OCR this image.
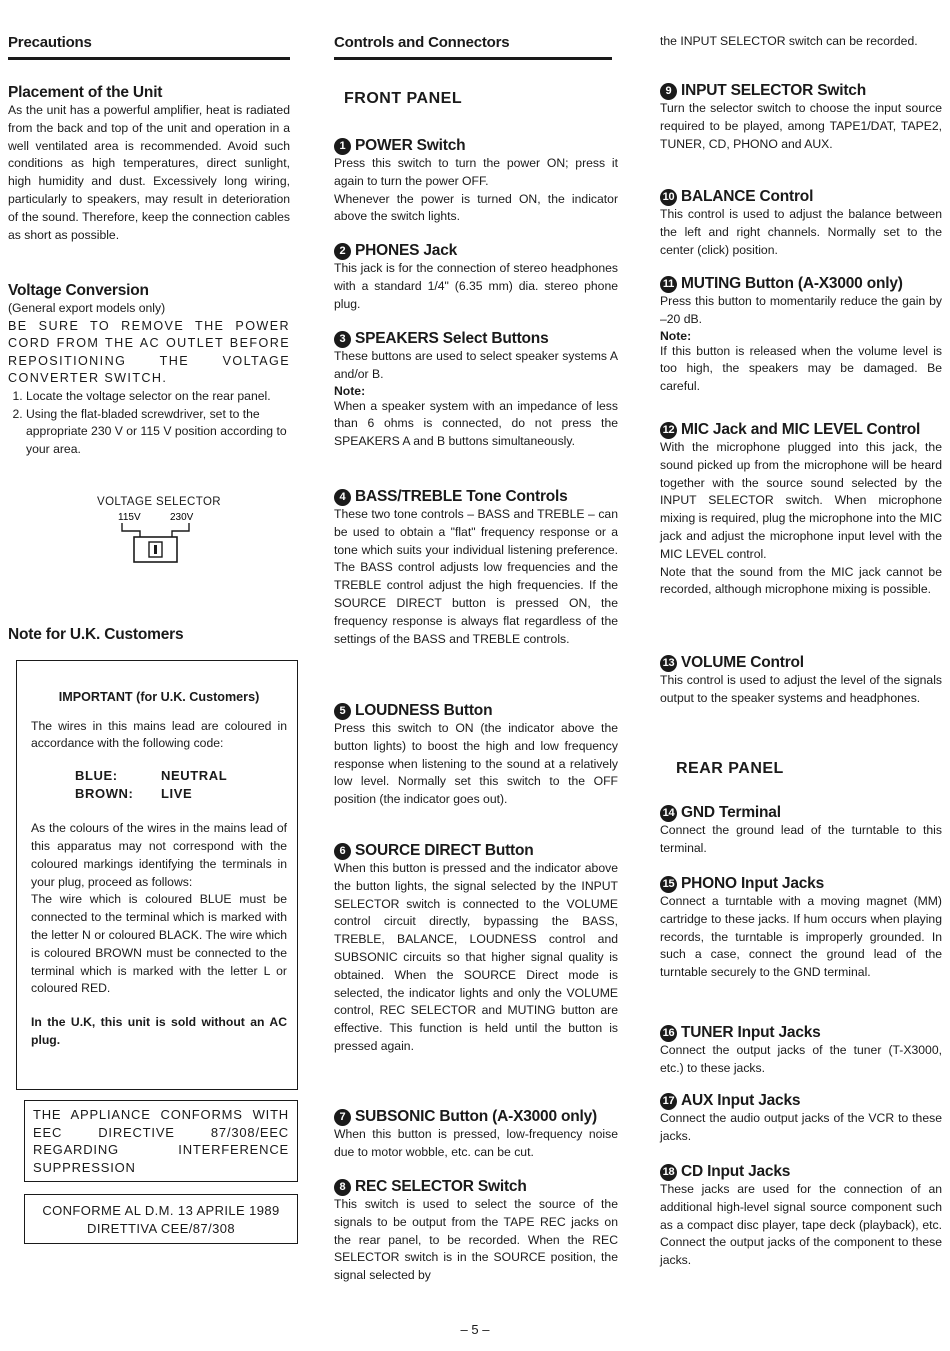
Precautions	Controls and Connectors

Placement of the Unit

As the unit has a powerful amplifier, heat is radiated from the back and top of the unit and operation in a well ventilated area is recommended. Avoid such conditions as high temperatures, direct sunlight, high humidity and dust. Excessively long wiring, particularly to speakers, may result in deterioration of the sound. Therefore, keep the connection cables as short as possible.

Voltage Conversion

(General export models only)

BE SURE TO REMOVE THE POWER CORD FROM THE AC OUTLET BEFORE REPOSITIONING THE VOLTAGE CONVERTER SWITCH.

1. Locate the voltage selector on the rear panel.
2. Using the flat-bladed screwdriver, set to the appropriate 230 V or 115 V position according to your area.
VOLTAGE SELECTOR
115V	230V

Note for U.K. Customers

IMPORTANT (for U.K. Customers)

The wires in this mains lead are coloured in accordance with the following code:

BLUE:	NEUTRAL
BROWN: LIVE

As the colours of the wires in the mains lead of this apparatus may not correspond with the coloured markings identifying the terminals in your plug, proceed as follows:

The wire which is coloured BLUE must be connected to the terminal which is marked with the letter N or coloured BLACK. The wire which is coloured BROWN must be connected to the terminal which is marked with the letter L or coloured RED.

In the U.K, this unit is sold without an AC plug.

THE APPLIANCE CONFORMS WITH EEC DIRECTIVE 87/308/EEC REGARDING INTERFERENCE SUPPRESSION

CONFORME AL D.M. 13 APRILE 1989

DIRETTIVA CEE/87/308

FRONT PANEL

1 POWER Switch

Press this switch to turn the power ON; press it again to turn the power OFF.

Whenever the power is turned ON, the indicator above the switch lights.

2 PHONES Jack

This jack is for the connection of stereo headphones with a standard 1/4" (6.35 mm) dia. stereo phone plug.

3 SPEAKERS Select Buttons

These buttons are used to select speaker systems A and/or B.

Note:

When a speaker system with an impedance of less than 6 ohms is connected, do not press the SPEAKERS A and B buttons simultaneously.

4 BASS/TREBLE Tone Controls

These two tone controls – BASS and TREBLE – can be used to obtain a "flat" frequency response or a tone which suits your individual listening preference. The BASS control adjusts low frequencies and the TREBLE control adjust the high frequencies. If the SOURCE DIRECT button is pressed ON, the frequency response is always flat regardless of the settings of the BASS and TREBLE controls.

5 LOUDNESS Button

Press this switch to ON (the indicator above the button lights) to boost the high and low frequency response when listening to the sound at a relatively low level. Normally set this switch to the OFF position (the indicator goes out).

6 SOURCE DIRECT Button

When this button is pressed and the indicator above the button lights, the signal selected by the INPUT SELECTOR switch is connected to the VOLUME control circuit directly, bypassing the BASS, TREBLE, BALANCE, LOUDNESS control and SUBSONIC circuits so that higher signal quality is obtained. When the SOURCE Direct mode is selected, the indicator lights and only the VOLUME control, REC SELECTOR and MUTING button are effective. This function is held until the button is pressed again.

7 SUBSONIC Button (A-X3000 only)

When this button is pressed, low-frequency noise due to motor wobble, etc. can be cut.

8 REC SELECTOR Switch

This switch is used to select the source of the signals to be output from the TAPE REC jacks on the rear panel, to be recorded. When the REC SELECTOR switch is in the SOURCE position, the signal selected by

the INPUT SELECTOR switch can be recorded.

9 INPUT SELECTOR Switch

Turn the selector switch to choose the input source required to be played, among TAPE1/DAT, TAPE2, TUNER, CD, PHONO and AUX.

10 BALANCE Control

This control is used to adjust the balance between the left and right channels. Normally set to the center (click) position.

11 MUTING Button (A-X3000 only)

Press this button to momentarily reduce the gain by –20 dB.

Note:

If this button is released when the volume level is too high, the speakers may be damaged. Be careful.

12 MIC Jack and MIC LEVEL Control

With the microphone plugged into this jack, the sound picked up from the microphone will be heard together with the source sound selected by the INPUT SELECTOR switch. When microphone mixing is required, plug the microphone into the MIC jack and adjust the microphone input level with the MIC LEVEL control.

Note that the sound from the MIC jack cannot be recorded, although microphone mixing is possible.

13 VOLUME Control

This control is used to adjust the level of the signals output to the speaker systems and headphones.

REAR PANEL

14 GND Terminal

Connect the ground lead of the turntable to this terminal.

15 PHONO Input Jacks

Connect a turntable with a moving magnet (MM) cartridge to these jacks. If hum occurs when playing records, the turntable is improperly grounded. In such a case, connect the ground lead of the turntable securely to the GND terminal.

16 TUNER Input Jacks

Connect the output jacks of the tuner (T-X3000, etc.) to these jacks.

17 AUX Input Jacks

Connect the audio output jacks of the VCR to these jacks.

18 CD Input Jacks

These jacks are used for the connection of an additional high-level signal source component such as a compact disc player, tape deck (playback), etc. Connect the output jacks of the component to these jacks.

– 5 –
